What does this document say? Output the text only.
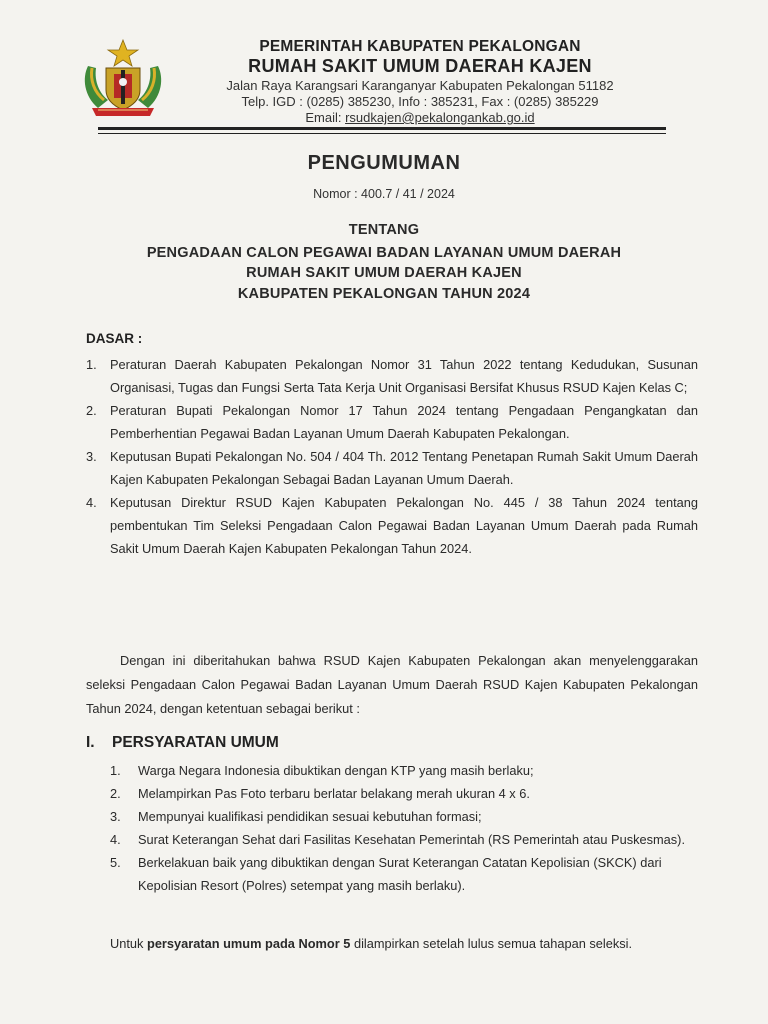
PEMERINTAH KABUPATEN PEKALONGAN
RUMAH SAKIT UMUM DAERAH KAJEN
Jalan Raya Karangsari Karanganyar Kabupaten Pekalongan 51182
Telp. IGD : (0285) 385230, Info : 385231, Fax : (0285) 385229
Email: rsudkajen@pekalongankab.go.id
PENGUMUMAN
Nomor : 400.7 / 41 / 2024
TENTANG
PENGADAAN CALON PEGAWAI BADAN LAYANAN UMUM DAERAH
RUMAH SAKIT UMUM DAERAH KAJEN
KABUPATEN PEKALONGAN TAHUN 2024
DASAR :
1. Peraturan Daerah Kabupaten Pekalongan Nomor 31 Tahun 2022 tentang Kedudukan, Susunan Organisasi, Tugas dan Fungsi Serta Tata Kerja Unit Organisasi Bersifat Khusus RSUD Kajen Kelas C;
2. Peraturan Bupati Pekalongan Nomor 17 Tahun 2024 tentang Pengadaan Pengangkatan dan Pemberhentian Pegawai Badan Layanan Umum Daerah Kabupaten Pekalongan.
3. Keputusan Bupati Pekalongan No. 504 / 404 Th. 2012 Tentang Penetapan Rumah Sakit Umum Daerah Kajen Kabupaten Pekalongan Sebagai Badan Layanan Umum Daerah.
4. Keputusan Direktur RSUD Kajen Kabupaten Pekalongan No. 445 / 38 Tahun 2024 tentang pembentukan Tim Seleksi Pengadaan Calon Pegawai Badan Layanan Umum Daerah pada Rumah Sakit Umum Daerah Kajen Kabupaten Pekalongan Tahun 2024.
Dengan ini diberitahukan bahwa RSUD Kajen Kabupaten Pekalongan akan menyelenggarakan seleksi Pengadaan Calon Pegawai Badan Layanan Umum Daerah RSUD Kajen Kabupaten Pekalongan Tahun 2024, dengan ketentuan sebagai berikut :
I. PERSYARATAN UMUM
1. Warga Negara Indonesia dibuktikan dengan KTP yang masih berlaku;
2. Melampirkan Pas Foto terbaru berlatar belakang merah ukuran 4 x 6.
3. Mempunyai kualifikasi pendidikan sesuai kebutuhan formasi;
4. Surat Keterangan Sehat dari Fasilitas Kesehatan Pemerintah (RS Pemerintah atau Puskesmas).
5. Berkelakuan baik yang dibuktikan dengan Surat Keterangan Catatan Kepolisian (SKCK) dari Kepolisian Resort (Polres) setempat yang masih berlaku).
Untuk persyaratan umum pada Nomor 5 dilampirkan setelah lulus semua tahapan seleksi.
